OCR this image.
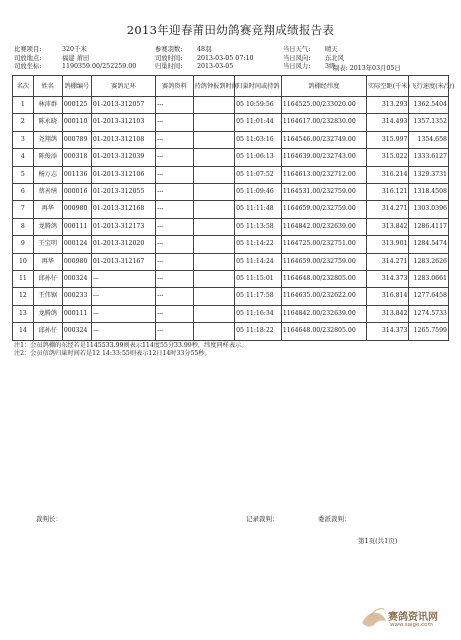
2013年迎春莆田幼鸽赛竞翔成绩报告表
比赛项目:	320千米
司放地点:	福建 莆田
司放坐标:	1190359.00/252259.00
参赛羽数: 48羽
司放时间: 2013-03-05 07:10
归巢时间: 2013-03-05
当日天气: 晴天
当日风向: 东北风
当日风力: 3级
制表: 2013年03月05日
名次	姓名	鸽棚编号	赛鸽足环	赛鸽资料	持鸽钟报到时间	归巢时间或持鸽	鸽棚经纬度	实际空距(千米)	飞行速度(米/分)
1	林沛群	000125	01-2013-312057	---		05 10:59:56	1164525.00/233020.00	313.293	1362.5404
2	陈永晓	000110	01-2013-312103	---		05 11:01:44	1164617.00/232830.00	314.493	1357.1352
3	尧翔鸽	000789	01-2013-312108	---		05 11:03:16	1164546.00/232749.00	315.997	1354.658
4	陈俊添	000318	01-2013-312039	---		05 11:06:13	1164639.00/232743.00	315.022	1333.6127
5	杨万志	001136	01-2013-312106	---		05 11:07:52	1164613.00/232712.00	316.214	1329.3731
6	蔡善缮	000016	01-2013-312055	---		05 11:09:46	1164531.00/232759.00	316.121	1318.4508
7	再华	000980	01-2013-312168	---		05 11:11:48	1164659.00/232759.00	314.271	1303.0396
8	龙腾鸽	000111	01-2013-312173	---		05 11:13:58	1164842.00/232639.00	313.842	1286.4117
9	王宝明	000124	01-2013-312020	---		05 11:14:22	1164725.00/232751.00	313.901	1284.5474
10	再华	000980	01-2013-312167	---		05 11:14:24	1164659.00/232759.00	314.271	1283.2626
11	邱孙仔	000324	---	---		05 11:15:01	1164648.00/232805.00	314.373	1283.0661
12	王伟锯	000233	---	---		05 11:17:58	1164635.00/232622.00	316.814	1277.6458
13	龙腾鸽	000111	---	---		05 11:16:34	1164842.00/232639.00	313.842	1274.5733
14	邱孙仔	000324	---	---		05 11:18:22	1164648.00/232805.00	314.373	1265.7599
注1：会员鸽棚的东经若是1145533.99则表示114度55分33.99秒，纬度同样表示。
注2：会员信鸽归巢时间若是12 14:33:55则表示12日14时33分55秒。
裁判长：	记录裁判：	委派裁判：
第1页(共1页)
赛鸽资讯网
www.saige.com
